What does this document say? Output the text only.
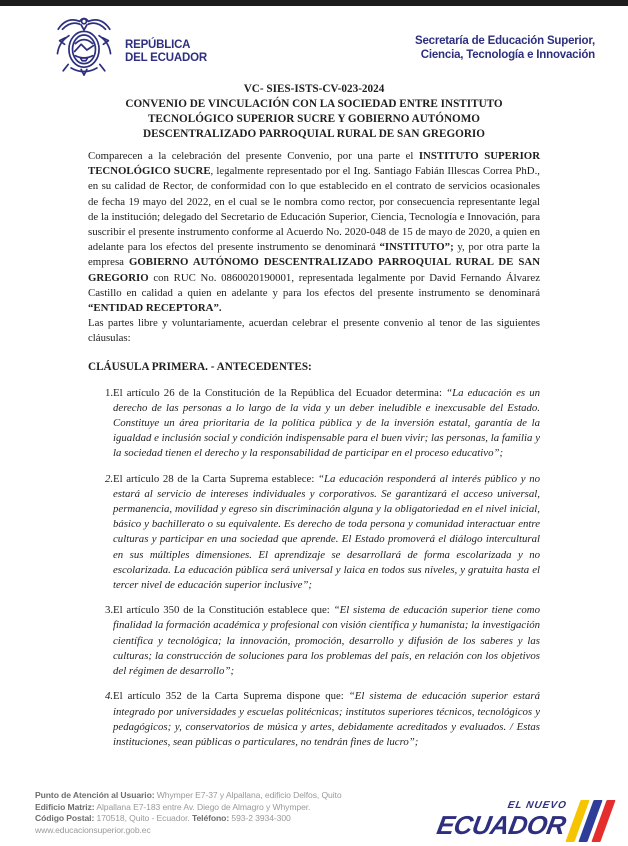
REPÚBLICA
DEL ECUADOR
Secretaría de Educación Superior,
Ciencia, Tecnología e Innovación
VC- SIES-ISTS-CV-023-2024
CONVENIO DE VINCULACIÓN CON LA SOCIEDAD ENTRE INSTITUTO
TECNOLÓGICO SUPERIOR SUCRE Y GOBIERNO AUTÓNOMO
DESCENTRALIZADO PARROQUIAL RURAL DE SAN GREGORIO

Comparecen a la celebración del presente Convenio, por una parte el INSTITUTO SUPERIOR TECNOLÓGICO SUCRE, legalmente representado por el Ing. Santiago Fabián Illescas Correa PhD., en su calidad de Rector, de conformidad con lo que establecido en el contrato de servicios ocasionales de fecha 19 mayo del 2022, en el cual se le nombra como rector, por consecuencia representante legal de la institución; delegado del Secretario de Educación Superior, Ciencia, Tecnología e Innovación, para suscribir el presente instrumento conforme al Acuerdo No. 2020-048 de 15 de mayo de 2020, a quien en adelante para los efectos del presente instrumento se denominará “INSTITUTO”; y, por otra parte la empresa GOBIERNO AUTÓNOMO DESCENTRALIZADO PARROQUIAL RURAL DE SAN GREGORIO con RUC No. 0860020190001, representada legalmente por David Fernando Álvarez Castillo en calidad a quien en adelante y para los efectos del presente instrumento se denominará “ENTIDAD RECEPTORA”.

Las partes libre y voluntariamente, acuerdan celebrar el presente convenio al tenor de las siguientes cláusulas:

CLÁUSULA PRIMERA. - ANTECEDENTES:

1. El artículo 26 de la Constitución de la República del Ecuador determina: “La educación es un derecho de las personas a lo largo de la vida y un deber ineludible e inexcusable del Estado. Constituye un área prioritaria de la política pública y de la inversión estatal, garantía de la igualdad e inclusión social y condición indispensable para el buen vivir; las personas, la familia y la sociedad tienen el derecho y la responsabilidad de participar en el proceso educativo”;
2. El artículo 28 de la Carta Suprema establece: “La educación responderá al interés público y no estará al servicio de intereses individuales y corporativos. Se garantizará el acceso universal, permanencia, movilidad y egreso sin discriminación alguna y la obligatoriedad en el nivel inicial, básico y bachillerato o su equivalente. Es derecho de toda persona y comunidad interactuar entre culturas y participar en una sociedad que aprende. El Estado promoverá el diálogo intercultural en sus múltiples dimensiones. El aprendizaje se desarrollará de forma escolarizada y no escolarizada. La educación pública será universal y laica en todos sus niveles, y gratuita hasta el tercer nivel de educación superior inclusive”;
3. El artículo 350 de la Constitución establece que: “El sistema de educación superior tiene como finalidad la formación académica y profesional con visión científica y humanista; la investigación científica y tecnológica; la innovación, promoción, desarrollo y difusión de los saberes y las culturas; la construcción de soluciones para los problemas del país, en relación con los objetivos del régimen de desarrollo”;
4. El artículo 352 de la Carta Suprema dispone que: “El sistema de educación superior estará integrado por universidades y escuelas politécnicas; institutos superiores técnicos, tecnológicos y pedagógicos; y, conservatorios de música y artes, debidamente acreditados y evaluados. / Estas instituciones, sean públicas o particulares, no tendrán fines de lucro”;
Punto de Atención al Usuario: Whymper E7-37 y Alpallana, edificio Delfos, Quito
Edificio Matriz: Alpallana E7-183 entre Av. Diego de Almagro y Whymper.
Código Postal: 170518, Quito - Ecuador. Teléfono: 593-2 3934-300
www.educacionsuperior.gob.ec
EL NUEVO
ECUADOR
